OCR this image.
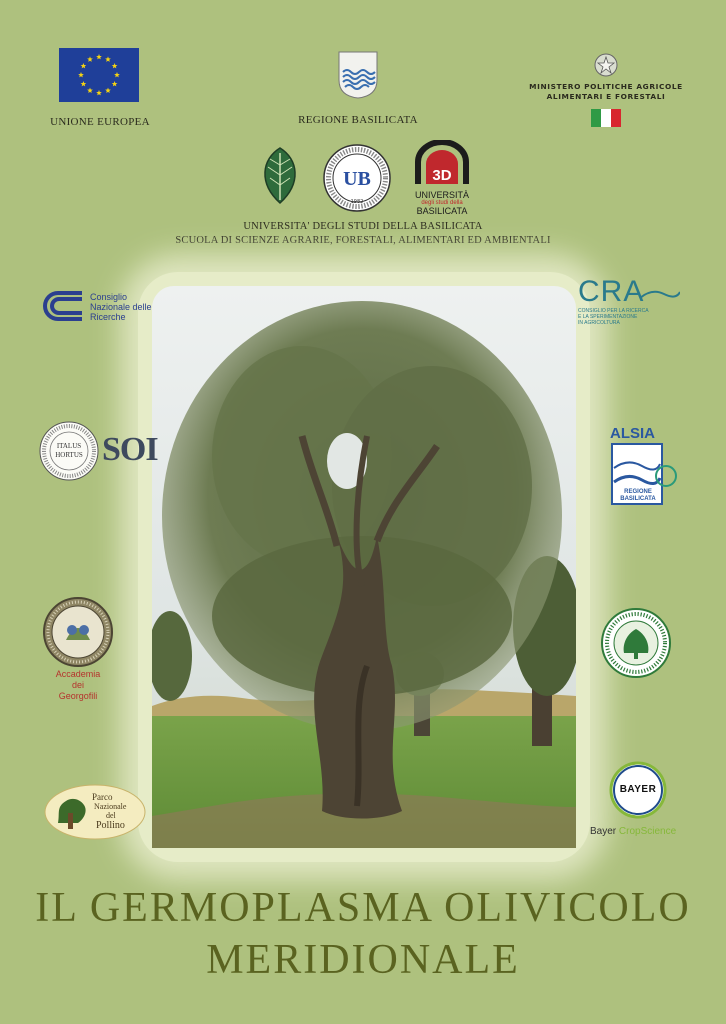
UNIONE EUROPEA	REGIONE BASILICATA
MINISTERO POLITICHE AGRICOLE
ALIMENTARI E FORESTALI
UB
1982
3D
UNIVERSITÀ
degli studi della
BASILICATA
UNIVERSITA' DEGLI STUDI DELLA BASILICATA
SCUOLA DI SCIENZE AGRARIE, FORESTALI, ALIMENTARI ED AMBIENTALI
Consiglio
Nazionale delle
Ricerche
ITALUS HORTUS SOI
Accademia
dei
Georgofili
Parco
Nazionale
del
Pollino
CRA
CONSIGLIO PER LA RICERCA
E LA SPERIMENTAZIONE
IN AGRICOLTURA
ALSIA
REGIONE
BASILICATA
BAYER
Bayer CropScience
IL GERMOPLASMA OLIVICOLO
MERIDIONALE
